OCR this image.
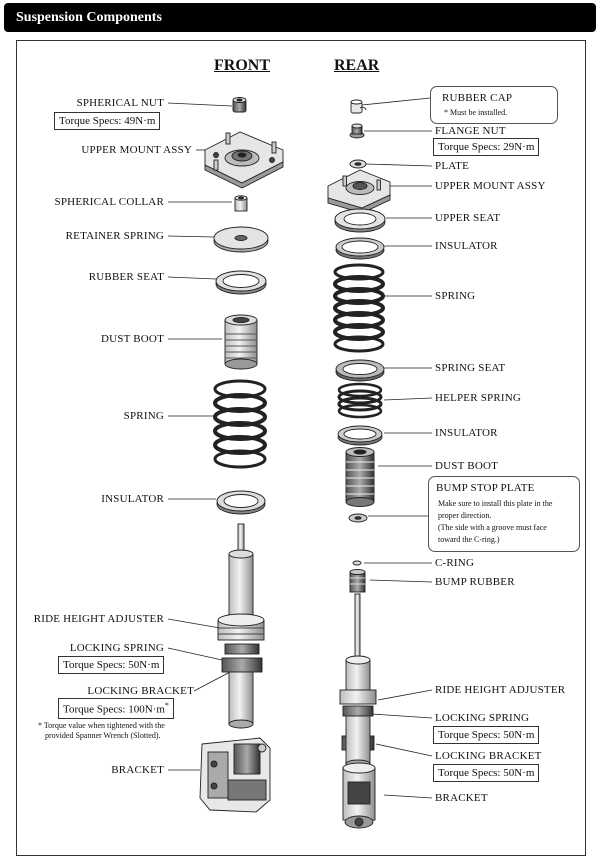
Suspension Components
FRONT	REAR
SPHERICAL NUT
Torque Specs: 49N·m
UPPER MOUNT ASSY
SPHERICAL COLLAR
RETAINER SPRING
RUBBER SEAT
DUST BOOT
SPRING
INSULATOR
RIDE HEIGHT ADJUSTER
LOCKING SPRING
Torque Specs: 50N·m
LOCKING BRACKET
Torque Specs: 100N·m*
* Torque value when tightened with the
provided Spanner Wrench (Slotted).
BRACKET
RUBBER CAP
* Must be installed.
FLANGE NUT
Torque Specs: 29N·m
PLATE
UPPER MOUNT ASSY
UPPER SEAT
INSULATOR
SPRING
SPRING SEAT
HELPER SPRING
INSULATOR
DUST BOOT
BUMP STOP PLATE
Make sure to install this plate in the
proper direction.
(The side with a groove must face
toward the C-ring.)
C-RING
BUMP RUBBER
RIDE HEIGHT ADJUSTER
LOCKING SPRING
Torque Specs: 50N·m
LOCKING BRACKET
Torque Specs: 50N·m
BRACKET
